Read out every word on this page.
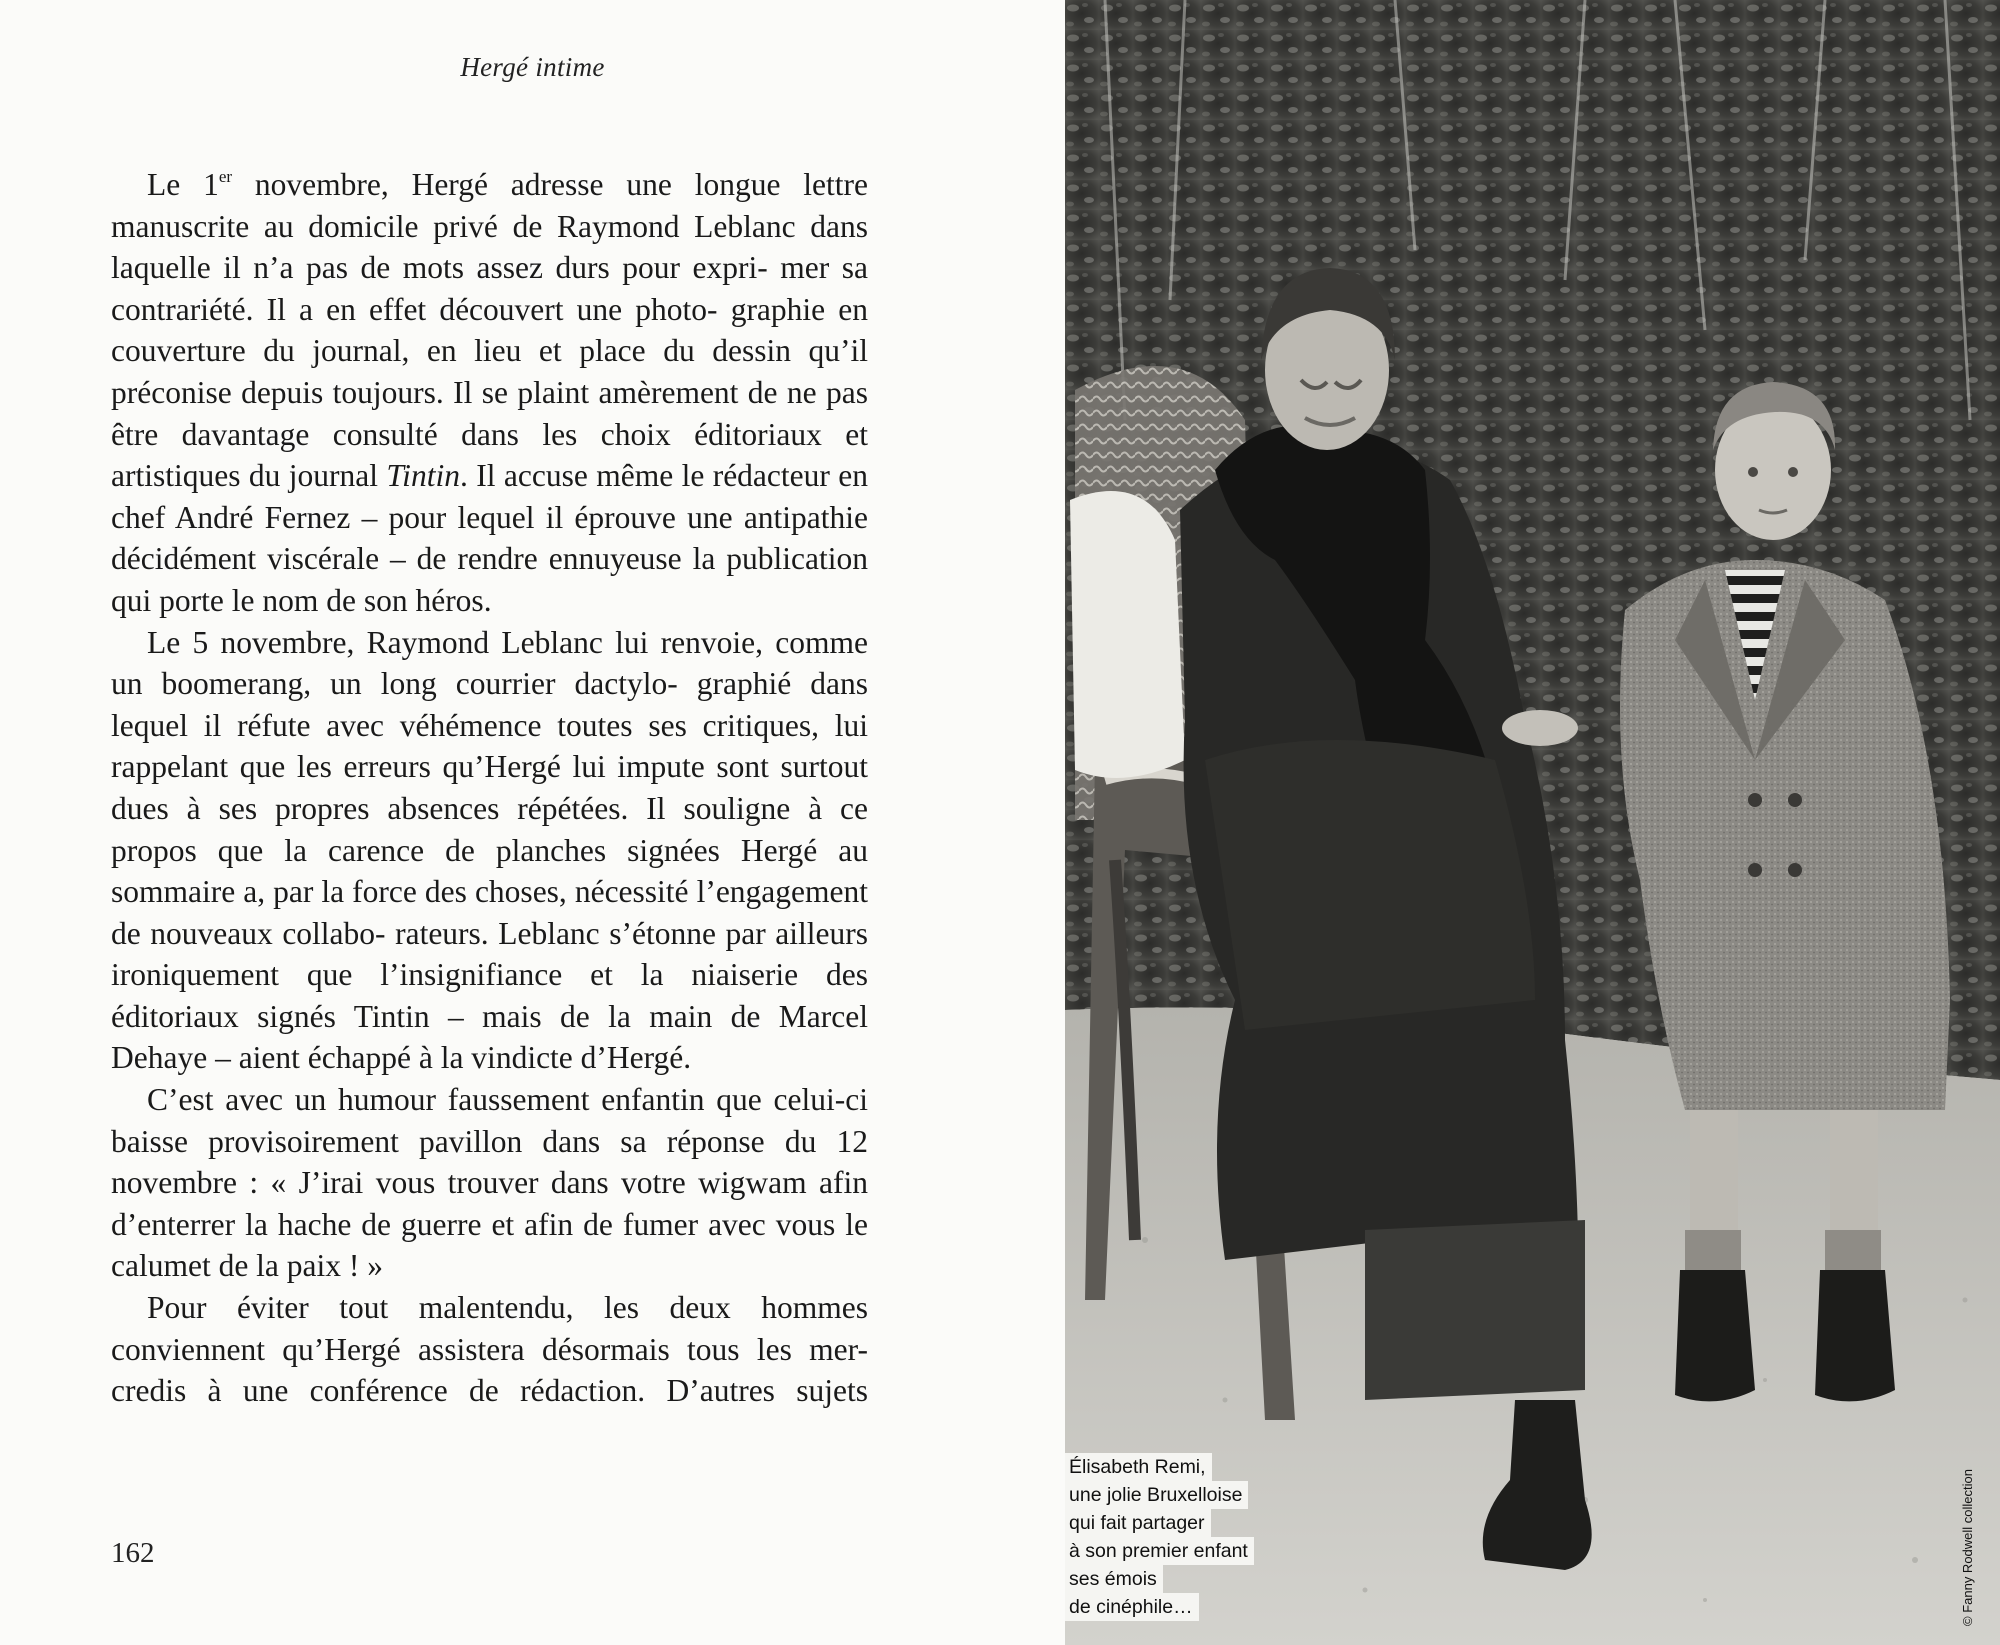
Hergé intime

Le 1er novembre, Hergé adresse une longue lettre manuscrite au domicile privé de Raymond Leblanc dans laquelle il n’a pas de mots assez durs pour expri- mer sa contrariété. Il a en effet découvert une photo- graphie en couverture du journal, en lieu et place du dessin qu’il préconise depuis toujours. Il se plaint amèrement de ne pas être davantage consulté dans les choix éditoriaux et artistiques du journal Tintin. Il accuse même le rédacteur en chef André Fernez – pour lequel il éprouve une antipathie décidément viscérale – de rendre ennuyeuse la publication qui porte le nom de son héros.

Le 5 novembre, Raymond Leblanc lui renvoie, comme un boomerang, un long courrier dactylo- graphié dans lequel il réfute avec véhémence toutes ses critiques, lui rappelant que les erreurs qu’Hergé lui impute sont surtout dues à ses propres absences répétées. Il souligne à ce propos que la carence de planches signées Hergé au sommaire a, par la force des choses, nécessité l’engagement de nouveaux collabo- rateurs. Leblanc s’étonne par ailleurs ironiquement que l’insignifiance et la niaiserie des éditoriaux signés Tintin – mais de la main de Marcel Dehaye – aient échappé à la vindicte d’Hergé.

C’est avec un humour faussement enfantin que celui-ci baisse provisoirement pavillon dans sa réponse du 12 novembre : « J’irai vous trouver dans votre wigwam afin d’enterrer la hache de guerre et afin de fumer avec vous le calumet de la paix ! »

Pour éviter tout malentendu, les deux hommes conviennent qu’Hergé assistera désormais tous les mer- credis à une conférence de rédaction. D’autres sujets

162
Élisabeth Remi,
une jolie Bruxelloise
qui fait partager
à son premier enfant
ses émois
de cinéphile…	© Fanny Rodwell collection
